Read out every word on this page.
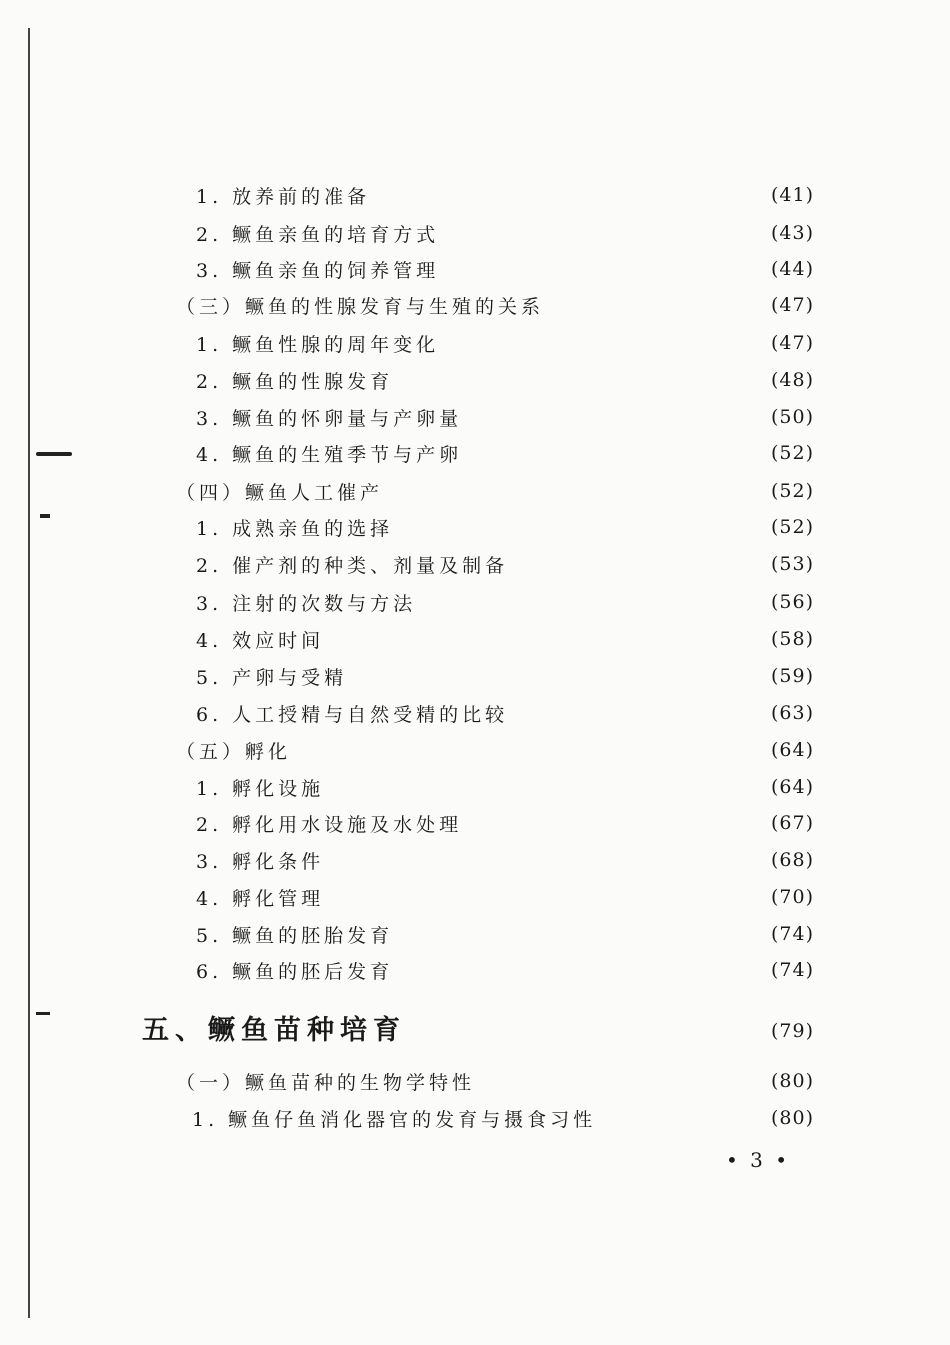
1. 放养前的准备	(41)
2. 鳜鱼亲鱼的培育方式	(43)
3. 鳜鱼亲鱼的饲养管理	(44)
（三）鳜鱼的性腺发育与生殖的关系	(47)
1. 鳜鱼性腺的周年变化	(47)
2. 鳜鱼的性腺发育	(48)
3. 鳜鱼的怀卵量与产卵量	(50)
4. 鳜鱼的生殖季节与产卵	(52)
（四）鳜鱼人工催产	(52)
1. 成熟亲鱼的选择	(52)
2. 催产剂的种类、剂量及制备	(53)
3. 注射的次数与方法	(56)
4. 效应时间	(58)
5. 产卵与受精	(59)
6. 人工授精与自然受精的比较	(63)
（五）孵化	(64)
1. 孵化设施	(64)
2. 孵化用水设施及水处理	(67)
3. 孵化条件	(68)
4. 孵化管理	(70)
5. 鳜鱼的胚胎发育	(74)
6. 鳜鱼的胚后发育	(74)
五、鳜鱼苗种培育	(79)
（一）鳜鱼苗种的生物学特性	(80)
1. 鳜鱼仔鱼消化器官的发育与摄食习性	(80)
• 3 •
